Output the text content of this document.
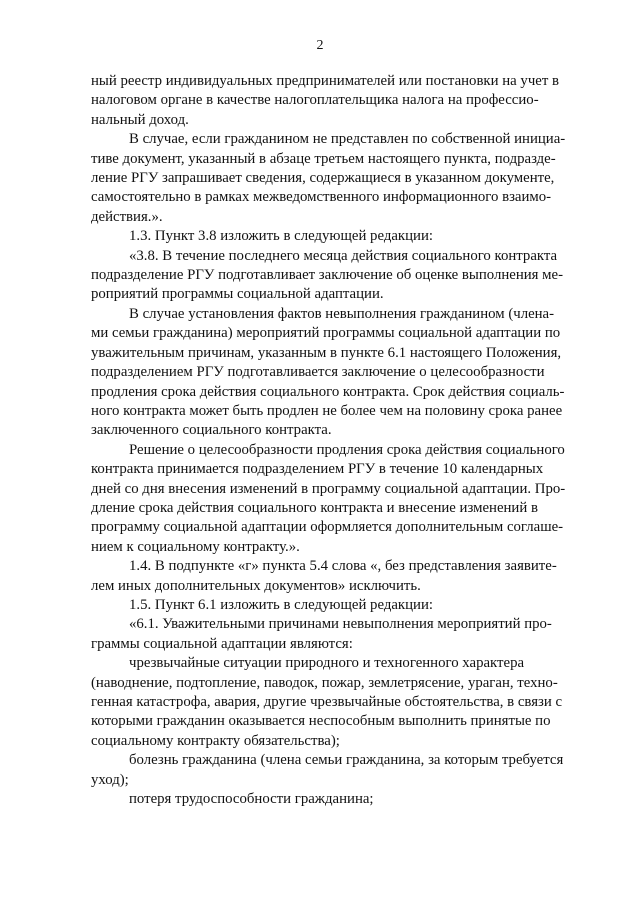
2

ный реестр индивидуальных предпринимателей или постановки на учет в
налоговом органе в качестве налогоплательщика налога на профессио-
нальный доход.

В случае, если гражданином не представлен по собственной инициа-
тиве документ, указанный в абзаце третьем настоящего пункта, подразде-
ление РГУ запрашивает сведения, содержащиеся в указанном документе,
самостоятельно в рамках межведомственного информационного взаимо-
действия.».

1.3. Пункт 3.8 изложить в следующей редакции:

«3.8. В течение последнего месяца действия социального контракта
подразделение РГУ подготавливает заключение об оценке выполнения ме-
роприятий программы социальной адаптации.

В случае установления фактов невыполнения гражданином (члена-
ми семьи гражданина) мероприятий программы социальной адаптации по
уважительным причинам, указанным в пункте 6.1 настоящего Положения,
подразделением РГУ подготавливается заключение о целесообразности
продления срока действия социального контракта. Срок действия социаль-
ного контракта может быть продлен не более чем на половину срока ранее
заключенного социального контракта.

Решение о целесообразности продления срока действия социального
контракта принимается подразделением РГУ в течение 10 календарных
дней со дня внесения изменений в программу социальной адаптации. Про-
дление срока действия социального контракта и внесение изменений в
программу социальной адаптации оформляется дополнительным соглаше-
нием к социальному контракту.».

1.4. В подпункте «г» пункта 5.4 слова «, без представления заявите-
лем иных дополнительных документов» исключить.

1.5. Пункт 6.1 изложить в следующей редакции:

«6.1. Уважительными причинами невыполнения мероприятий про-
граммы социальной адаптации являются:

чрезвычайные ситуации природного и техногенного характера
(наводнение, подтопление, паводок, пожар, землетрясение, ураган, техно-
генная катастрофа, авария, другие чрезвычайные обстоятельства, в связи с
которыми гражданин оказывается неспособным выполнить принятые по
социальному контракту обязательства);

болезнь гражданина (члена семьи гражданина, за которым требуется
уход);

потеря трудоспособности гражданина;
